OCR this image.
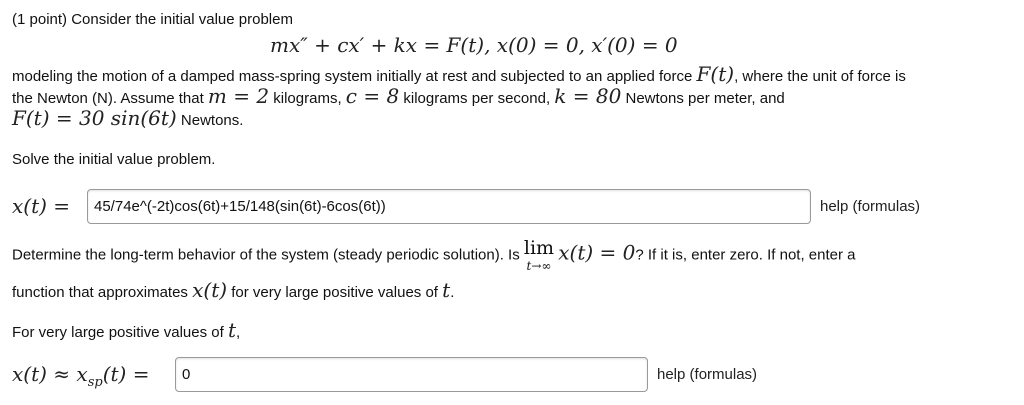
(1 point) Consider the initial value problem
mx″ + cx′ + kx = F(t), x(0) = 0, x′(0) = 0
modeling the motion of a damped mass-spring system initially at rest and subjected to an applied force F(t), where the unit of force is
the Newton (N). Assume that m = 2 kilograms, c = 8 kilograms per second, k = 80 Newtons per meter, and
F(t) = 30 sin(6t) Newtons.
Solve the initial value problem.
x(t) =
45/74e^(-2t)cos(6t)+15/148(sin(6t)-6cos(6t))	help (formulas)
Determine the long-term behavior of the system (steady periodic solution). Is lim
t→∞
x(t) = 0? If it is, enter zero. If not, enter a
function that approximates x(t) for very large positive values of t.
For very large positive values of t,
$x(t) \approx x_{sp}(t)$ =
0	help (formulas)
